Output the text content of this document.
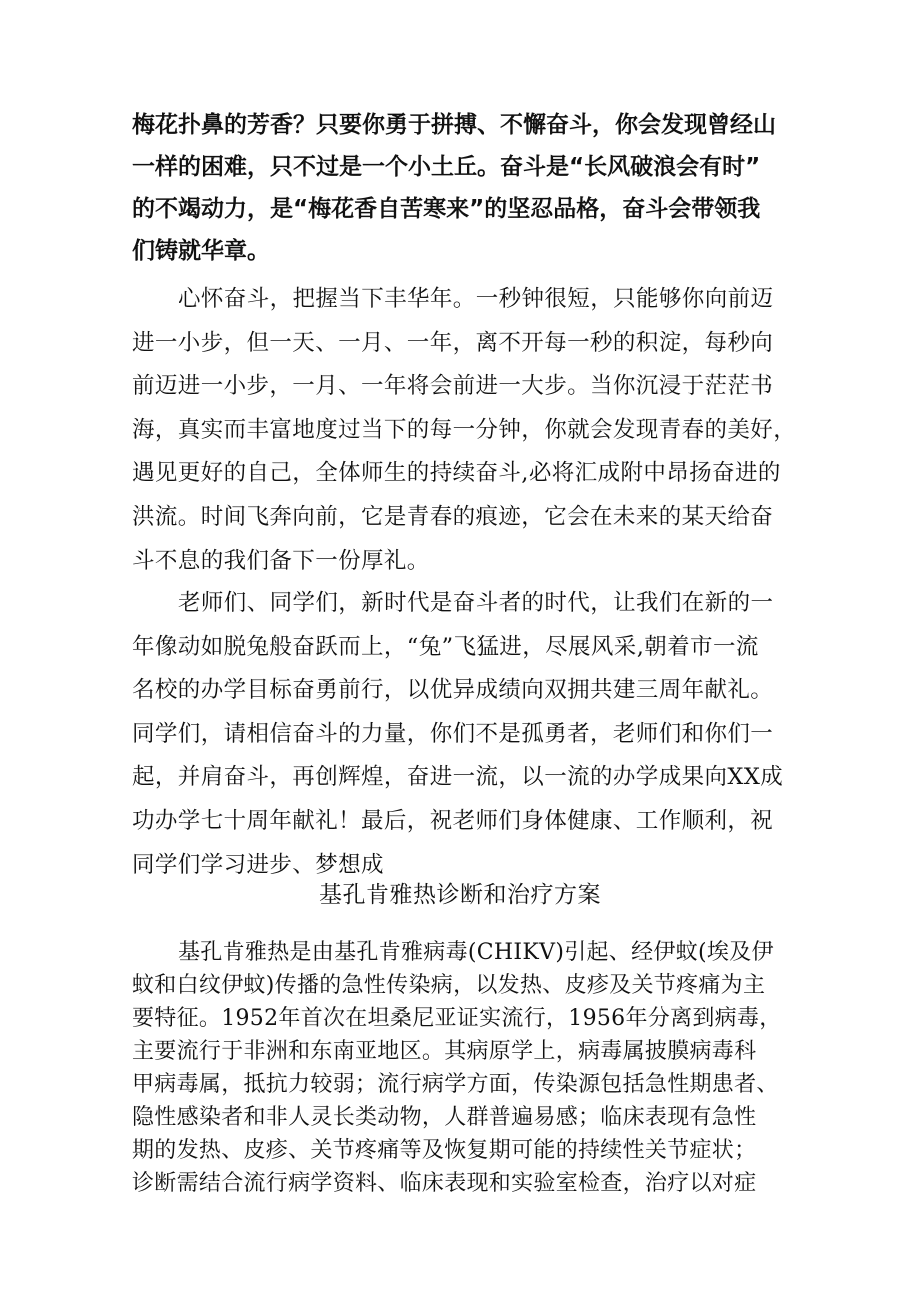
梅花扑鼻的芳香？只要你勇于拼搏、不懈奋斗，你会发现曾经山
一样的困难，只不过是一个小土丘。奋斗是“长风破浪会有时”
的不竭动力，是“梅花香自苦寒来”的坚忍品格，奋斗会带领我
们铸就华章。
心怀奋斗，把握当下丰华年。一秒钟很短，只能够你向前迈
进一小步，但一天、一月、一年，离不开每一秒的积淀，每秒向
前迈进一小步，一月、一年将会前进一大步。当你沉浸于茫茫书
海，真实而丰富地度过当下的每一分钟，你就会发现青春的美好，
遇见更好的自己，全体师生的持续奋斗,必将汇成附中昂扬奋进的
洪流。时间飞奔向前，它是青春的痕迹，它会在未来的某天给奋
斗不息的我们备下一份厚礼。
老师们、同学们，新时代是奋斗者的时代，让我们在新的一
年像动如脱兔般奋跃而上，“兔”飞猛进，尽展风采,朝着市一流
名校的办学目标奋勇前行，以优异成绩向双拥共建三周年献礼。
同学们，请相信奋斗的力量，你们不是孤勇者，老师们和你们一
起，并肩奋斗，再创辉煌，奋进一流，以一流的办学成果向XX成
功办学七十周年献礼！最后，祝老师们身体健康、工作顺利，祝
同学们学习进步、梦想成
基孔肯雅热诊断和治疗方案
基孔肯雅热是由基孔肯雅病毒(CHIKV)引起、经伊蚊(埃及伊
蚊和白纹伊蚊)传播的急性传染病，以发热、皮疹及关节疼痛为主
要特征。1952年首次在坦桑尼亚证实流行，1956年分离到病毒，
主要流行于非洲和东南亚地区。其病原学上，病毒属披膜病毒科
甲病毒属，抵抗力较弱；流行病学方面，传染源包括急性期患者、
隐性感染者和非人灵长类动物，人群普遍易感；临床表现有急性
期的发热、皮疹、关节疼痛等及恢复期可能的持续性关节症状；
诊断需结合流行病学资料、临床表现和实验室检查，治疗以对症
